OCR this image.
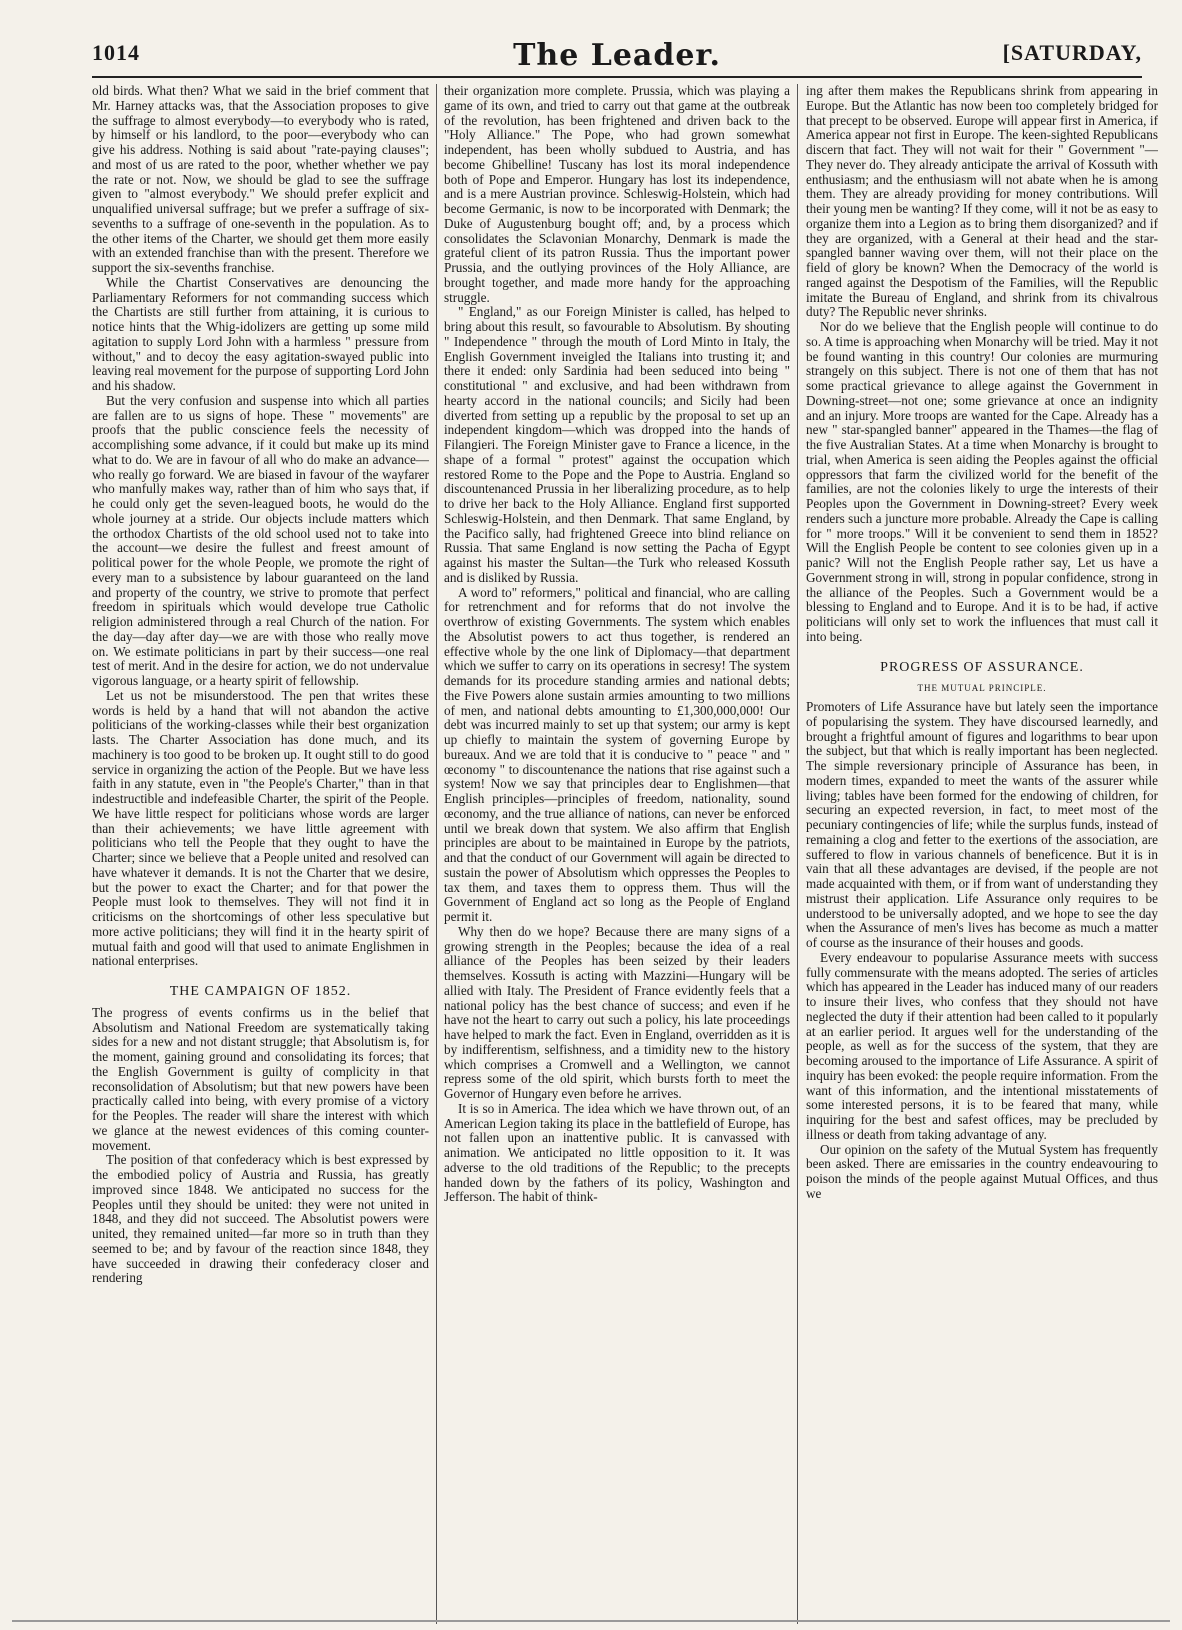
1014	The Leader.	[SATURDAY,

old birds. What then? What we said in the brief comment that Mr. Harney attacks was, that the Association proposes to give the suffrage to almost everybody—to everybody who is rated, by himself or his landlord, to the poor—everybody who can give his address. Nothing is said about "rate-paying clauses"; and most of us are rated to the poor, whether whether we pay the rate or not. Now, we should be glad to see the suffrage given to "almost everybody." We should prefer explicit and unqualified universal suffrage; but we prefer a suffrage of six-sevenths to a suffrage of one-seventh in the population. As to the other items of the Charter, we should get them more easily with an extended franchise than with the present. Therefore we support the six-sevenths franchise.

While the Chartist Conservatives are denouncing the Parliamentary Reformers for not commanding success which the Chartists are still further from attaining, it is curious to notice hints that the Whig-idolizers are getting up some mild agitation to supply Lord John with a harmless " pressure from without," and to decoy the easy agitation-swayed public into leaving real movement for the purpose of supporting Lord John and his shadow.

But the very confusion and suspense into which all parties are fallen are to us signs of hope. These " movements" are proofs that the public conscience feels the necessity of accomplishing some advance, if it could but make up its mind what to do. We are in favour of all who do make an advance—who really go forward. We are biased in favour of the wayfarer who manfully makes way, rather than of him who says that, if he could only get the seven-leagued boots, he would do the whole journey at a stride. Our objects include matters which the orthodox Chartists of the old school used not to take into the account—we desire the fullest and freest amount of political power for the whole People, we promote the right of every man to a subsistence by labour guaranteed on the land and property of the country, we strive to promote that perfect freedom in spirituals which would develope true Catholic religion administered through a real Church of the nation. For the day—day after day—we are with those who really move on. We estimate politicians in part by their success—one real test of merit. And in the desire for action, we do not undervalue vigorous language, or a hearty spirit of fellowship.

Let us not be misunderstood. The pen that writes these words is held by a hand that will not abandon the active politicians of the working-classes while their best organization lasts. The Charter Association has done much, and its machinery is too good to be broken up. It ought still to do good service in organizing the action of the People. But we have less faith in any statute, even in "the People's Charter," than in that indestructible and indefeasible Charter, the spirit of the People. We have little respect for politicians whose words are larger than their achievements; we have little agreement with politicians who tell the People that they ought to have the Charter; since we believe that a People united and resolved can have whatever it demands. It is not the Charter that we desire, but the power to exact the Charter; and for that power the People must look to themselves. They will not find it in criticisms on the shortcomings of other less speculative but more active politicians; they will find it in the hearty spirit of mutual faith and good will that used to animate Englishmen in national enterprises.

THE CAMPAIGN OF 1852.

The progress of events confirms us in the belief that Absolutism and National Freedom are systematically taking sides for a new and not distant struggle; that Absolutism is, for the moment, gaining ground and consolidating its forces; that the English Government is guilty of complicity in that reconsolidation of Absolutism; but that new powers have been practically called into being, with every promise of a victory for the Peoples. The reader will share the interest with which we glance at the newest evidences of this coming counter-movement.

The position of that confederacy which is best expressed by the embodied policy of Austria and Russia, has greatly improved since 1848. We anticipated no success for the Peoples until they should be united: they were not united in 1848, and they did not succeed. The Absolutist powers were united, they remained united—far more so in truth than they seemed to be; and by favour of the reaction since 1848, they have succeeded in drawing their confederacy closer and rendering

their organization more complete. Prussia, which was playing a game of its own, and tried to carry out that game at the outbreak of the revolution, has been frightened and driven back to the "Holy Alliance." The Pope, who had grown somewhat independent, has been wholly subdued to Austria, and has become Ghibelline! Tuscany has lost its moral independence both of Pope and Emperor. Hungary has lost its independence, and is a mere Austrian province. Schleswig-Holstein, which had become Germanic, is now to be incorporated with Denmark; the Duke of Augustenburg bought off; and, by a process which consolidates the Sclavonian Monarchy, Denmark is made the grateful client of its patron Russia. Thus the important power Prussia, and the outlying provinces of the Holy Alliance, are brought together, and made more handy for the approaching struggle.

" England," as our Foreign Minister is called, has helped to bring about this result, so favourable to Absolutism. By shouting " Independence " through the mouth of Lord Minto in Italy, the English Government inveigled the Italians into trusting it; and there it ended: only Sardinia had been seduced into being " constitutional " and exclusive, and had been withdrawn from hearty accord in the national councils; and Sicily had been diverted from setting up a republic by the proposal to set up an independent kingdom—which was dropped into the hands of Filangieri. The Foreign Minister gave to France a licence, in the shape of a formal " protest" against the occupation which restored Rome to the Pope and the Pope to Austria. England so discountenanced Prussia in her liberalizing procedure, as to help to drive her back to the Holy Alliance. England first supported Schleswig-Holstein, and then Denmark. That same England, by the Pacifico sally, had frightened Greece into blind reliance on Russia. That same England is now setting the Pacha of Egypt against his master the Sultan—the Turk who released Kossuth and is disliked by Russia.

A word to" reformers," political and financial, who are calling for retrenchment and for reforms that do not involve the overthrow of existing Governments. The system which enables the Absolutist powers to act thus together, is rendered an effective whole by the one link of Diplomacy—that department which we suffer to carry on its operations in secresy! The system demands for its procedure standing armies and national debts; the Five Powers alone sustain armies amounting to two millions of men, and national debts amounting to £1,300,000,000! Our debt was incurred mainly to set up that system; our army is kept up chiefly to maintain the system of governing Europe by bureaux. And we are told that it is conducive to " peace " and " œconomy " to discountenance the nations that rise against such a system! Now we say that principles dear to Englishmen—that English principles—principles of freedom, nationality, sound œconomy, and the true alliance of nations, can never be enforced until we break down that system. We also affirm that English principles are about to be maintained in Europe by the patriots, and that the conduct of our Government will again be directed to sustain the power of Absolutism which oppresses the Peoples to tax them, and taxes them to oppress them. Thus will the Government of England act so long as the People of England permit it.

Why then do we hope? Because there are many signs of a growing strength in the Peoples; because the idea of a real alliance of the Peoples has been seized by their leaders themselves. Kossuth is acting with Mazzini—Hungary will be allied with Italy. The President of France evidently feels that a national policy has the best chance of success; and even if he have not the heart to carry out such a policy, his late proceedings have helped to mark the fact. Even in England, overridden as it is by indifferentism, selfishness, and a timidity new to the history which comprises a Cromwell and a Wellington, we cannot repress some of the old spirit, which bursts forth to meet the Governor of Hungary even before he arrives.

It is so in America. The idea which we have thrown out, of an American Legion taking its place in the battlefield of Europe, has not fallen upon an inattentive public. It is canvassed with animation. We anticipated no little opposition to it. It was adverse to the old traditions of the Republic; to the precepts handed down by the fathers of its policy, Washington and Jefferson. The habit of think-

ing after them makes the Republicans shrink from appearing in Europe. But the Atlantic has now been too completely bridged for that precept to be observed. Europe will appear first in America, if America appear not first in Europe. The keen-sighted Republicans discern that fact. They will not wait for their " Government "—They never do. They already anticipate the arrival of Kossuth with enthusiasm; and the enthusiasm will not abate when he is among them. They are already providing for money contributions. Will their young men be wanting? If they come, will it not be as easy to organize them into a Legion as to bring them disorganized? and if they are organized, with a General at their head and the star-spangled banner waving over them, will not their place on the field of glory be known? When the Democracy of the world is ranged against the Despotism of the Families, will the Republic imitate the Bureau of England, and shrink from its chivalrous duty? The Republic never shrinks.

Nor do we believe that the English people will continue to do so. A time is approaching when Monarchy will be tried. May it not be found wanting in this country! Our colonies are murmuring strangely on this subject. There is not one of them that has not some practical grievance to allege against the Government in Downing-street—not one; some grievance at once an indignity and an injury. More troops are wanted for the Cape. Already has a new " star-spangled banner" appeared in the Thames—the flag of the five Australian States. At a time when Monarchy is brought to trial, when America is seen aiding the Peoples against the official oppressors that farm the civilized world for the benefit of the families, are not the colonies likely to urge the interests of their Peoples upon the Government in Downing-street? Every week renders such a juncture more probable. Already the Cape is calling for " more troops." Will it be convenient to send them in 1852? Will the English People be content to see colonies given up in a panic? Will not the English People rather say, Let us have a Government strong in will, strong in popular confidence, strong in the alliance of the Peoples. Such a Government would be a blessing to England and to Europe. And it is to be had, if active politicians will only set to work the influences that must call it into being.

PROGRESS OF ASSURANCE.
THE MUTUAL PRINCIPLE.

Promoters of Life Assurance have but lately seen the importance of popularising the system. They have discoursed learnedly, and brought a frightful amount of figures and logarithms to bear upon the subject, but that which is really important has been neglected. The simple reversionary principle of Assurance has been, in modern times, expanded to meet the wants of the assurer while living; tables have been formed for the endowing of children, for securing an expected reversion, in fact, to meet most of the pecuniary contingencies of life; while the surplus funds, instead of remaining a clog and fetter to the exertions of the association, are suffered to flow in various channels of beneficence. But it is in vain that all these advantages are devised, if the people are not made acquainted with them, or if from want of understanding they mistrust their application. Life Assurance only requires to be understood to be universally adopted, and we hope to see the day when the Assurance of men's lives has become as much a matter of course as the insurance of their houses and goods.

Every endeavour to popularise Assurance meets with success fully commensurate with the means adopted. The series of articles which has appeared in the Leader has induced many of our readers to insure their lives, who confess that they should not have neglected the duty if their attention had been called to it popularly at an earlier period. It argues well for the understanding of the people, as well as for the success of the system, that they are becoming aroused to the importance of Life Assurance. A spirit of inquiry has been evoked: the people require information. From the want of this information, and the intentional misstatements of some interested persons, it is to be feared that many, while inquiring for the best and safest offices, may be precluded by illness or death from taking advantage of any.

Our opinion on the safety of the Mutual System has frequently been asked. There are emissaries in the country endeavouring to poison the minds of the people against Mutual Offices, and thus we
